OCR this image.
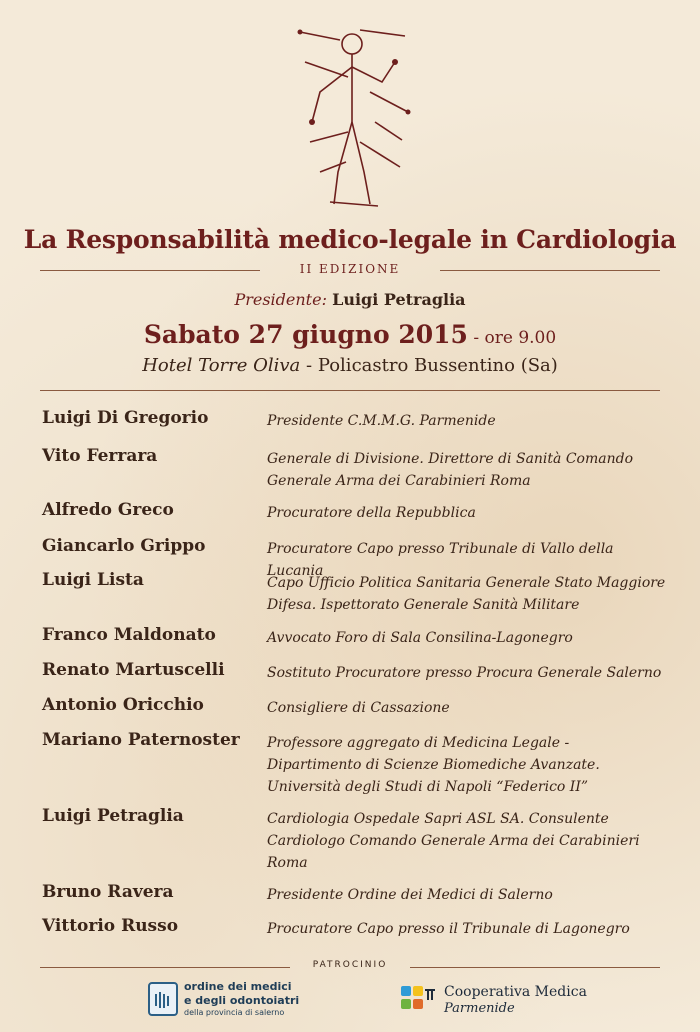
La Responsabilità medico-legale in Cardiologia
II EDIZIONE
Presidente: Luigi Petraglia
Sabato 27 giugno 2015 - ore 9.00
Hotel Torre Oliva - Policastro Bussentino (Sa)
Luigi Di Gregorio	Presidente C.M.M.G. Parmenide
Vito Ferrara	Generale di Divisione. Direttore di Sanità Comando Generale Arma dei Carabinieri Roma
Alfredo Greco	Procuratore della Repubblica
Giancarlo Grippo	Procuratore Capo presso Tribunale di Vallo della Lucania
Luigi Lista	Capo Ufficio Politica Sanitaria Generale Stato Maggiore Difesa. Ispettorato Generale Sanità Militare
Franco Maldonato	Avvocato Foro di Sala Consilina-Lagonegro
Renato Martuscelli	Sostituto Procuratore presso Procura Generale Salerno
Antonio Oricchio	Consigliere di Cassazione
Mariano Paternoster	Professore aggregato di Medicina Legale - Dipartimento di Scienze Biomediche Avanzate. Università degli Studi di Napoli “Federico II”
Luigi Petraglia	Cardiologia Ospedale Sapri ASL SA. Consulente Cardiologo Comando Generale Arma dei Carabinieri Roma
Bruno Ravera	Presidente Ordine dei Medici di Salerno
Vittorio Russo	Procuratore Capo presso il Tribunale di Lagonegro
PATROCINIO
ordine dei medici
e degli odontoiatri
della provincia di salerno
Cooperativa Medica
Parmenide
